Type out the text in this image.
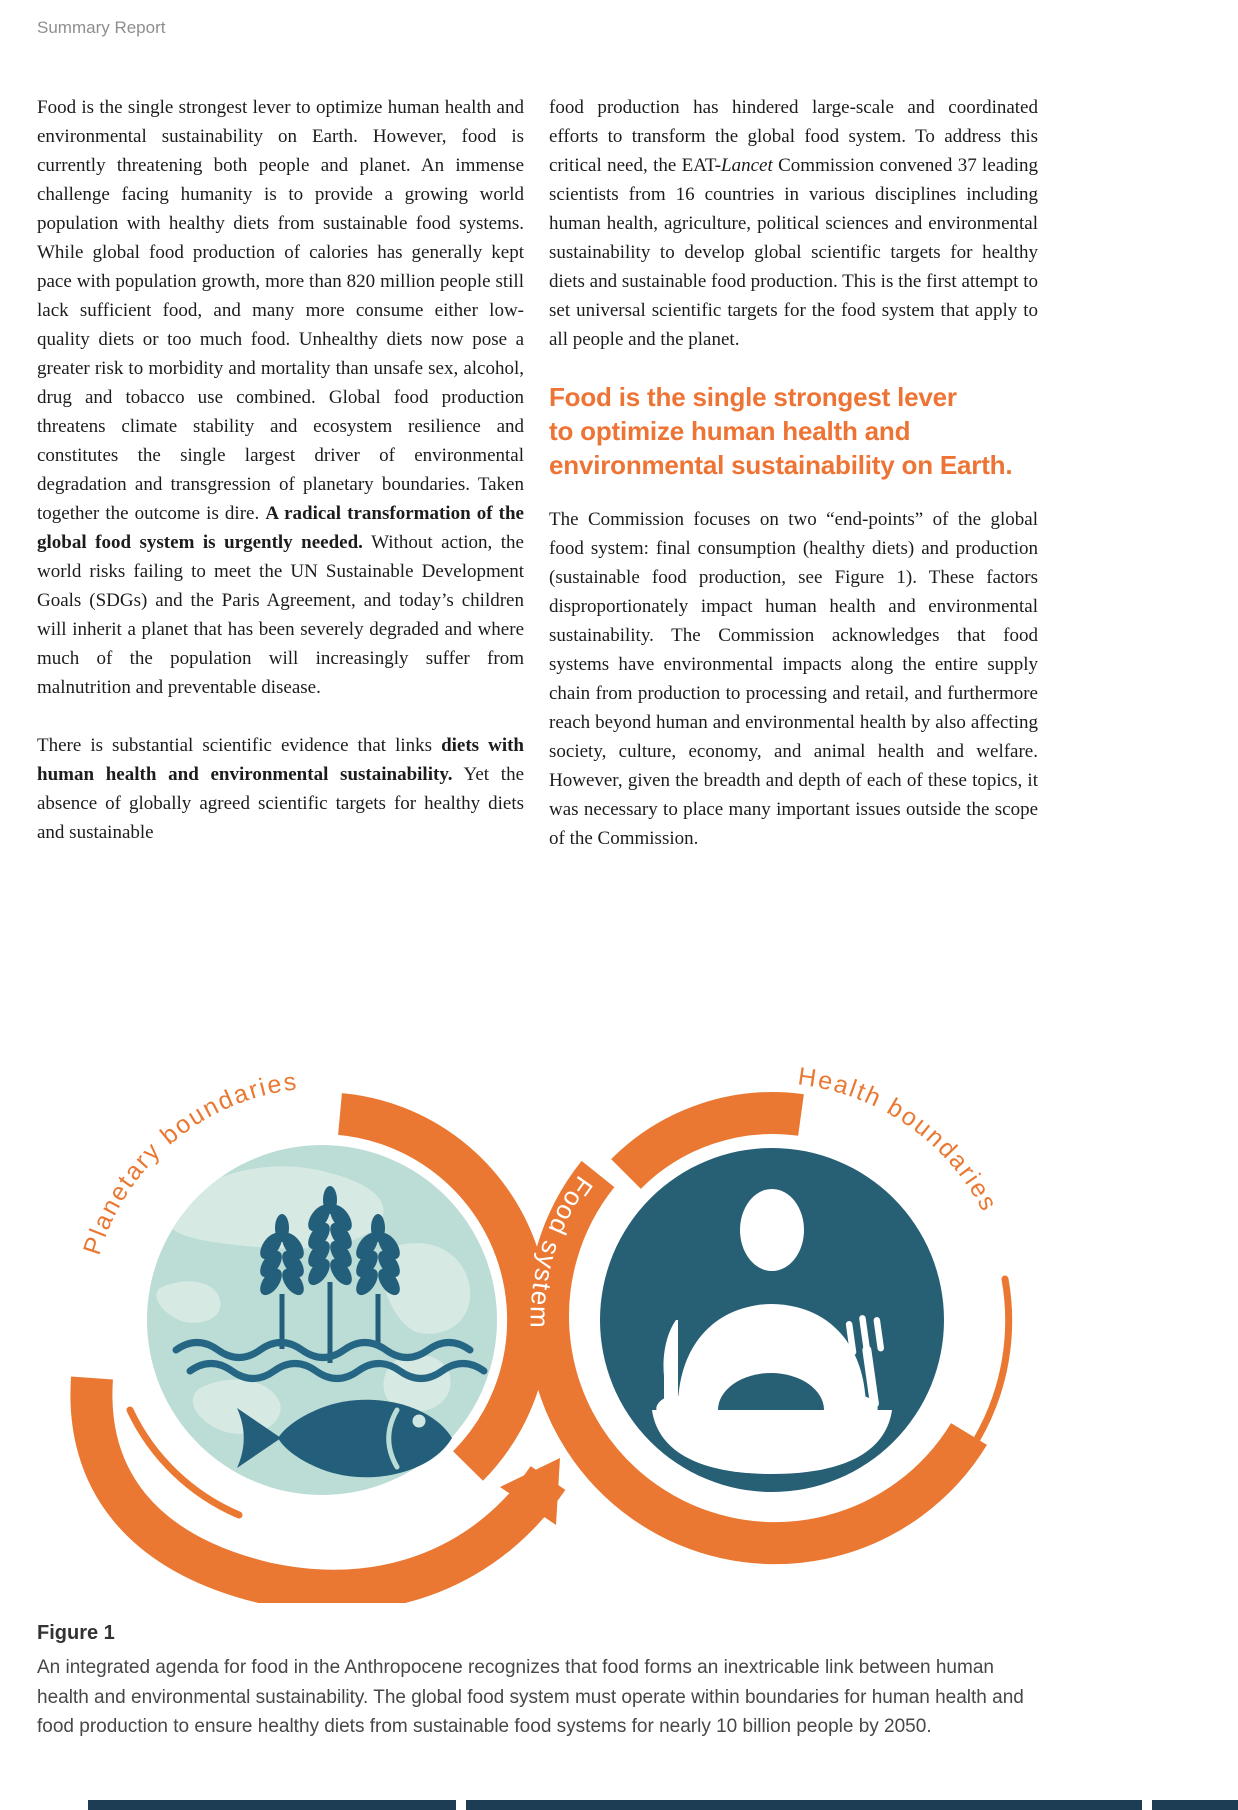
Summary Report

Food is the single strongest lever to optimize human health and environmental sustainability on Earth. However, food is currently threatening both people and planet. An immense challenge facing humanity is to provide a growing world population with healthy diets from sustainable food systems. While global food production of calories has generally kept pace with population growth, more than 820 million people still lack sufficient food, and many more consume either low-quality diets or too much food. Unhealthy diets now pose a greater risk to morbidity and mortality than unsafe sex, alcohol, drug and tobacco use combined. Global food production threatens climate stability and ecosystem resilience and constitutes the single largest driver of environmental degradation and transgression of planetary boundaries. Taken together the outcome is dire. A radical transformation of the global food system is urgently needed. Without action, the world risks failing to meet the UN Sustainable Development Goals (SDGs) and the Paris Agreement, and today’s children will inherit a planet that has been severely degraded and where much of the population will increasingly suffer from malnutrition and preventable disease.

There is substantial scientific evidence that links diets with human health and environmental sustainability. Yet the absence of globally agreed scientific targets for healthy diets and sustainable

food production has hindered large-scale and coordinated efforts to transform the global food system. To address this critical need, the EAT-Lancet Commission convened 37 leading scientists from 16 countries in various disciplines including human health, agriculture, political sciences and environmental sustainability to develop global scientific targets for healthy diets and sustainable food production. This is the first attempt to set universal scientific targets for the food system that apply to all people and the planet.

Food is the single strongest lever
to optimize human health and
environmental sustainability on Earth.

The Commission focuses on two “end-points” of the global food system: final consumption (healthy diets) and production (sustainable food production, see Figure 1). These factors disproportionately impact human health and environmental sustainability. The Commission acknowledges that food systems have environmental impacts along the entire supply chain from production to processing and retail, and furthermore reach beyond human and environmental health by also affecting society, culture, economy, and animal health and welfare. However, given the breadth and depth of each of these topics, it was necessary to place many important issues outside the scope of the Commission.

Planetary boundaries	Health boundaries
Food system

Figure 1

An integrated agenda for food in the Anthropocene recognizes that food forms an inextricable link between human health and environmental sustainability. The global food system must operate within boundaries for human health and food production to ensure healthy diets from sustainable food systems for nearly 10 billion people by 2050.
